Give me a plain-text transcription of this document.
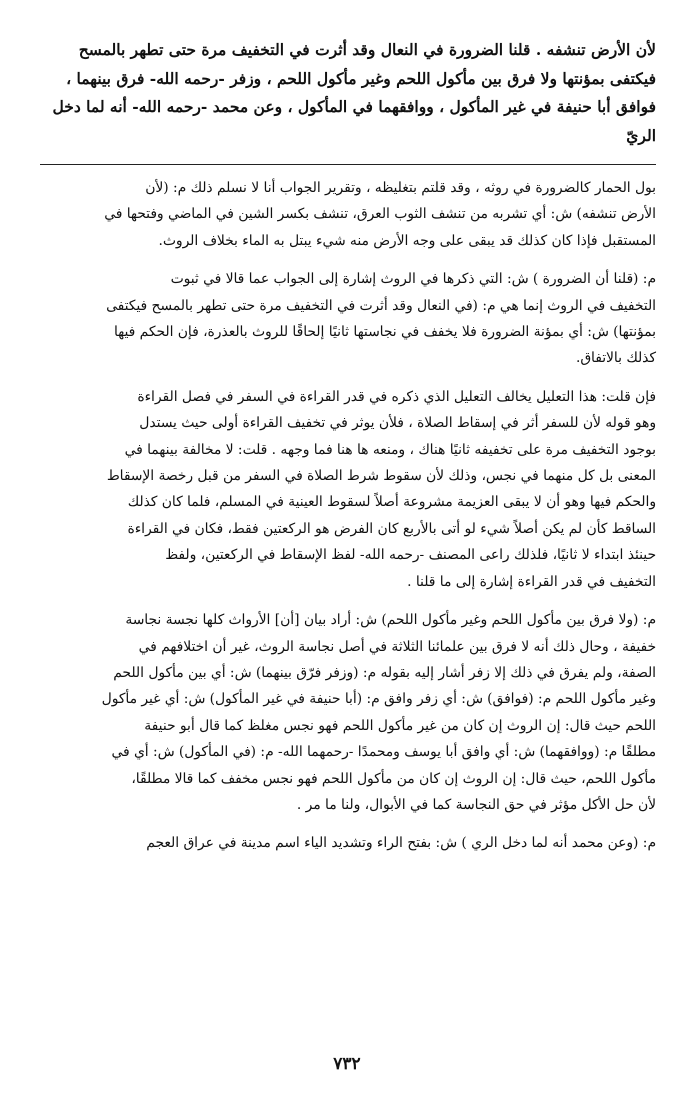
لأن الأرض تنشفه . قلنا الضرورة في النعال وقد أثرت في التخفيف مرة حتى تطهر بالمسح
فيكتفى بمؤنتها ولا فرق بين مأكول اللحم وغير مأكول اللحم ، وزفر -رحمه الله- فرق بينهما ،
فوافق أبا حنيفة في غير المأكول ، ووافقهما في المأكول ، وعن محمد -رحمه الله- أنه لما دخل
الريّ

بول الحمار كالضرورة في روثه ، وقد قلتم بتغليظه ، وتقرير الجواب أنا لا نسلم ذلك م: (لأن
الأرض تنشفه) ش: أي تشربه من تنشف الثوب العرق، تنشف بكسر الشين في الماضي وفتحها في
المستقبل فإذا كان كذلك قد يبقى على وجه الأرض منه شيء يبتل به الماء بخلاف الروث.

م: (قلنا أن الضرورة ) ش: التي ذكرها في الروث إشارة إلى الجواب عما قالا في ثبوت
التخفيف في الروث إنما هي م: (في النعال وقد أثرت في التخفيف مرة حتى تطهر بالمسح فيكتفى
بمؤنتها) ش: أي بمؤنة الضرورة فلا يخفف في نجاستها ثانيًا إلحاقًا للروث بالعذرة، فإن الحكم فيها
كذلك بالاتفاق.

فإن قلت: هذا التعليل يخالف التعليل الذي ذكره في قدر القراءة في السفر في فصل القراءة
وهو قوله لأن للسفر أثر في إسقاط الصلاة ، فلأن يوثر في تخفيف القراءة أولى حيث يستدل
بوجود التخفيف مرة على تخفيفه ثانيًا هناك ، ومنعه ها هنا فما وجهه . قلت: لا مخالفة بينهما في
المعنى بل كل منهما في نجس، وذلك لأن سقوط شرط الصلاة في السفر من قبل رخصة الإسقاط
والحكم فيها وهو أن لا يبقى العزيمة مشروعة أصلاً لسقوط العينية في المسلم، فلما كان كذلك
الساقط كأن لم يكن أصلاً شيء لو أتى بالأربع كان الفرض هو الركعتين فقط، فكان في القراءة
حينئذ ابتداء لا ثانيًا، فلذلك راعى المصنف -رحمه الله- لفظ الإسقاط في الركعتين، ولفظ
التخفيف في قدر القراءة إشارة إلى ما قلنا .

م: (ولا فرق بين مأكول اللحم وغير مأكول اللحم) ش: أراد بيان [أن] الأرواث كلها نجسة نجاسة
خفيفة ، وحال ذلك أنه لا فرق بين علمائنا الثلاثة في أصل نجاسة الروث، غير أن اختلافهم في
الصفة، ولم يفرق في ذلك إلا زفر أشار إليه بقوله م: (وزفر فرّق بينهما) ش: أي بين مأكول اللحم
وغير مأكول اللحم م: (فوافق) ش: أي زفر وافق م: (أبا حنيفة في غير المأكول) ش: أي غير مأكول
اللحم حيث قال: إن الروث إن كان من غير مأكول اللحم فهو نجس مغلظ كما قال أبو حنيفة
مطلقًا م: (ووافقهما) ش: أي وافق أبا يوسف ومحمدًا -رحمهما الله- م: (في المأكول) ش: أي في
مأكول اللحم، حيث قال: إن الروث إن كان من مأكول اللحم فهو نجس مخفف كما قالا مطلقًا،
لأن حل الأكل مؤثر في حق النجاسة كما في الأبوال، ولنا ما مر .

م: (وعن محمد أنه لما دخل الري ) ش: بفتح الراء وتشديد الياء اسم مدينة في عراق العجم

٧٣٢
